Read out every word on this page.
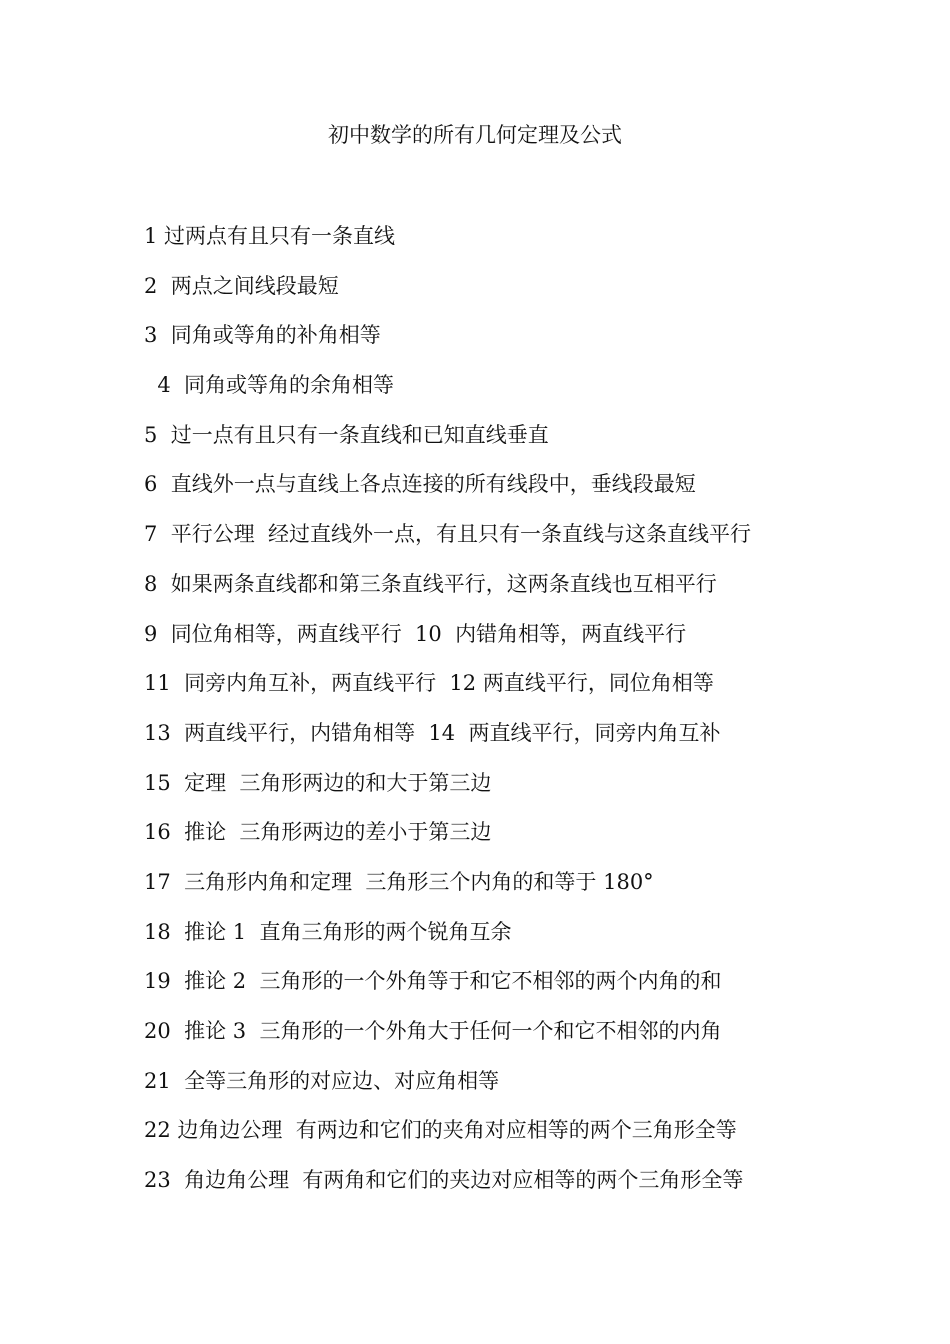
初中数学的所有几何定理及公式
1 过两点有且只有一条直线
2  两点之间线段最短
3  同角或等角的补角相等
4  同角或等角的余角相等
5  过一点有且只有一条直线和已知直线垂直
6  直线外一点与直线上各点连接的所有线段中，垂线段最短
7  平行公理  经过直线外一点，有且只有一条直线与这条直线平行
8  如果两条直线都和第三条直线平行，这两条直线也互相平行
9  同位角相等，两直线平行  10  内错角相等，两直线平行
11  同旁内角互补，两直线平行  12 两直线平行，同位角相等
13  两直线平行，内错角相等  14  两直线平行，同旁内角互补
15  定理  三角形两边的和大于第三边
16  推论  三角形两边的差小于第三边
17  三角形内角和定理  三角形三个内角的和等于 180°
18  推论 1  直角三角形的两个锐角互余
19  推论 2  三角形的一个外角等于和它不相邻的两个内角的和
20  推论 3  三角形的一个外角大于任何一个和它不相邻的内角
21  全等三角形的对应边、对应角相等
22 边角边公理  有两边和它们的夹角对应相等的两个三角形全等
23  角边角公理  有两角和它们的夹边对应相等的两个三角形全等
